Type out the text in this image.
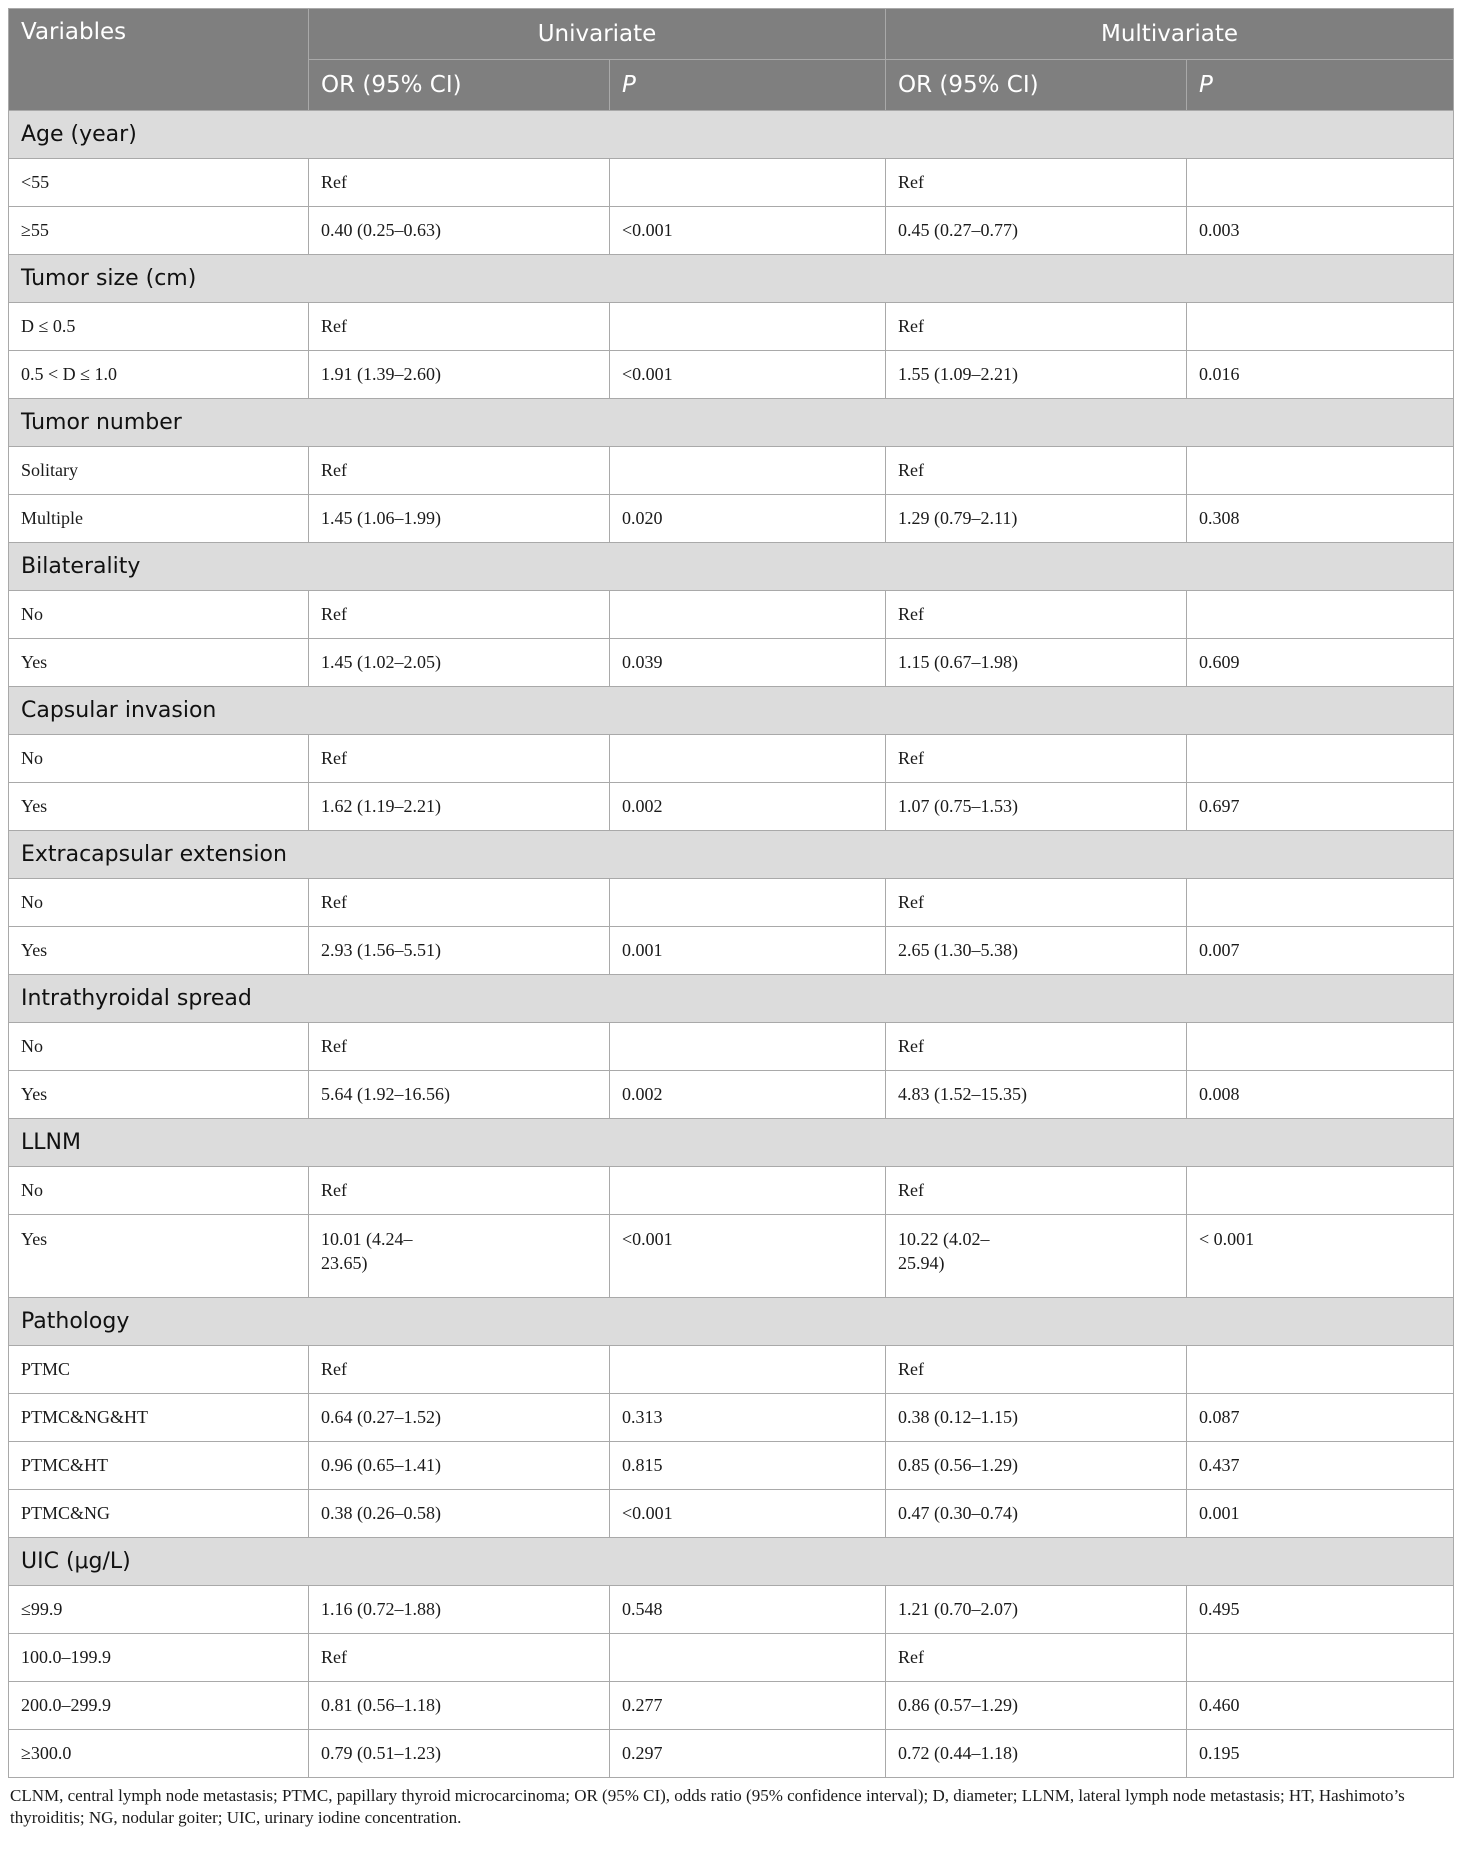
Variables	Univariate		Multivariate	
	OR (95% CI)	P	OR (95% CI)	P
Age (year)				

<55	Ref		Ref	

≥55	0.40 (0.25–0.63)	<0.001	0.45 (0.27–0.77)	0.003

Tumor size (cm)				

D ≤ 0.5	Ref		Ref	

0.5 < D ≤ 1.0	1.91 (1.39–2.60)	<0.001	1.55 (1.09–2.21)	0.016

Tumor number				

Solitary	Ref		Ref	

Multiple	1.45 (1.06–1.99)	0.020	1.29 (0.79–2.11)	0.308

Bilaterality				

No	Ref		Ref	

Yes	1.45 (1.02–2.05)	0.039	1.15 (0.67–1.98)	0.609

Capsular invasion				

No	Ref		Ref	

Yes	1.62 (1.19–2.21)	0.002	1.07 (0.75–1.53)	0.697

Extracapsular extension				

No	Ref		Ref	

Yes	2.93 (1.56–5.51)	0.001	2.65 (1.30–5.38)	0.007

Intrathyroidal spread				

No	Ref		Ref	

Yes	5.64 (1.92–16.56)	0.002	4.83 (1.52–15.35)	0.008

LLNM				

No	Ref		Ref	

Yes	10.01 (4.24–23.65)	<0.001	10.22 (4.02–25.94)	< 0.001

Pathology				

PTMC	Ref		Ref	

PTMC&NG&HT	0.64 (0.27–1.52)	0.313	0.38 (0.12–1.15)	0.087

PTMC&HT	0.96 (0.65–1.41)	0.815	0.85 (0.56–1.29)	0.437

PTMC&NG	0.38 (0.26–0.58)	<0.001	0.47 (0.30–0.74)	0.001

UIC (μg/L)				

≤99.9	1.16 (0.72–1.88)	0.548	1.21 (0.70–2.07)	0.495

100.0–199.9	Ref		Ref	

200.0–299.9	0.81 (0.56–1.18)	0.277	0.86 (0.57–1.29)	0.460

≥300.0	0.79 (0.51–1.23)	0.297	0.72 (0.44–1.18)	0.195
CLNM, central lymph node metastasis; PTMC, papillary thyroid microcarcinoma; OR (95% CI), odds ratio (95% confidence interval); D, diameter; LLNM, lateral lymph node metastasis; HT, Hashimoto’s thyroiditis; NG, nodular goiter; UIC, urinary iodine concentration.
